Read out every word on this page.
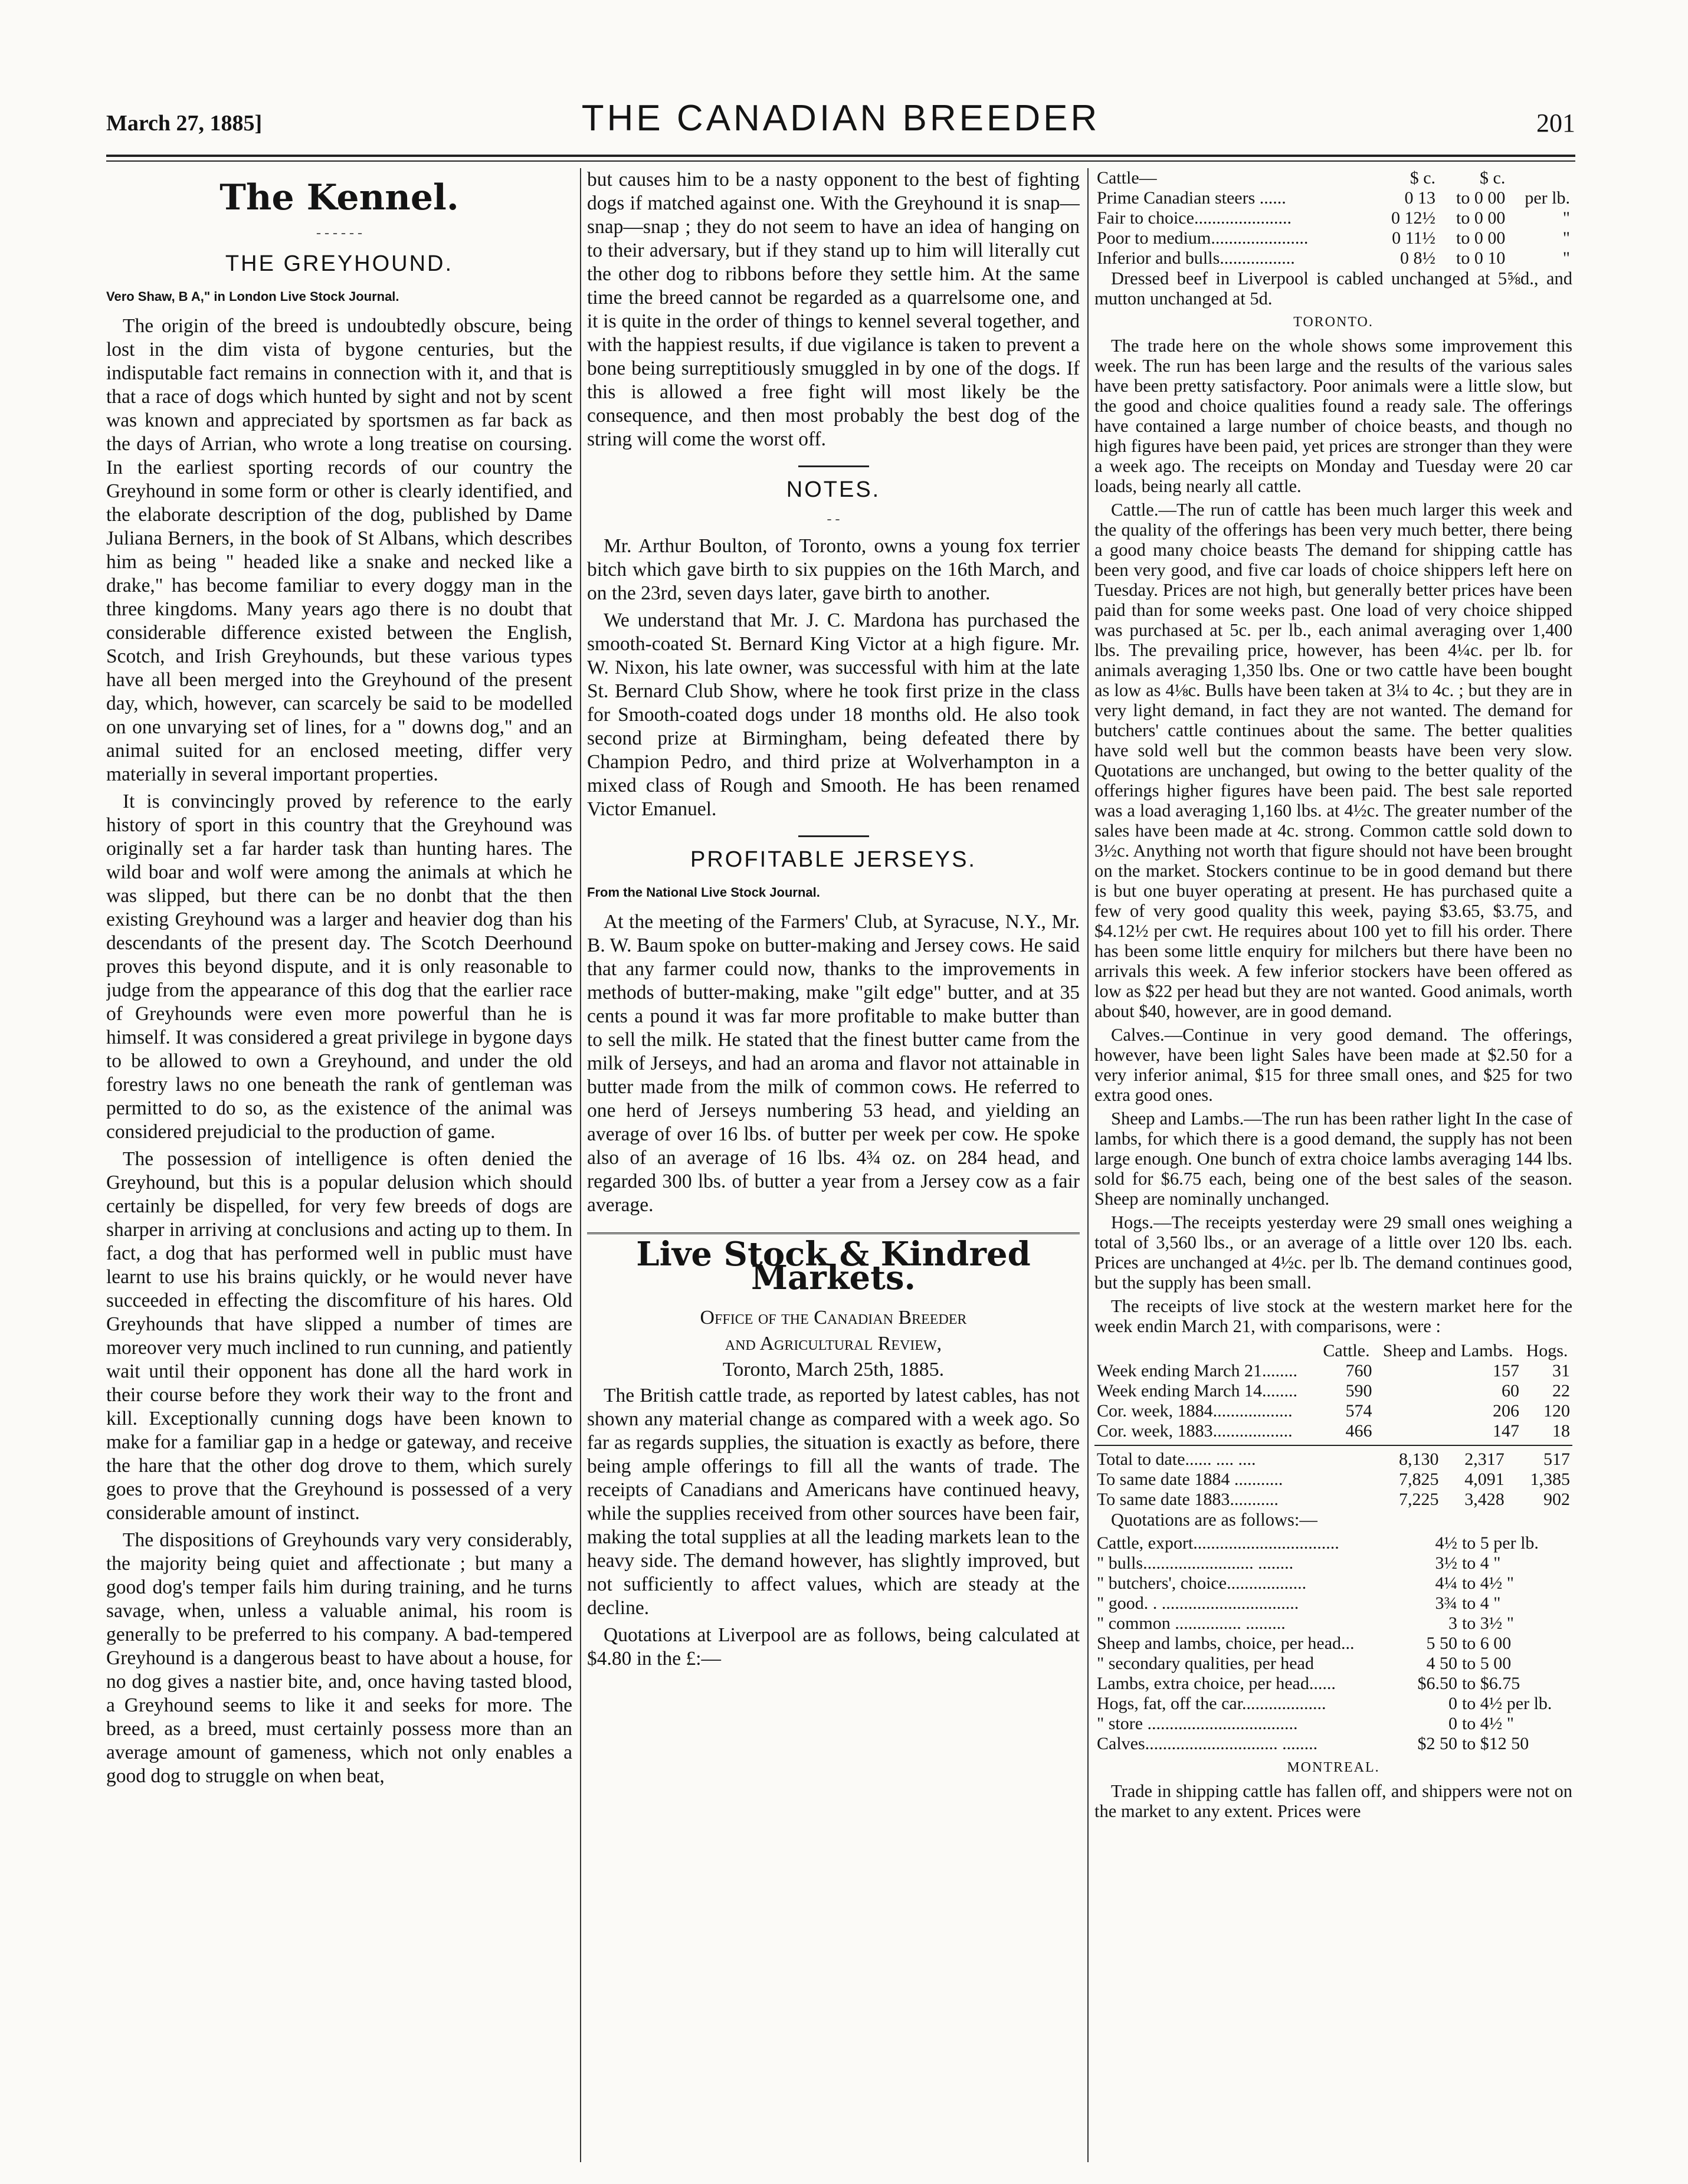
March 27, 1885]	THE CANADIAN BREEDER	201
The Kennel.
- - - - - -
THE GREYHOUND.

Vero Shaw, B A," in London Live Stock Journal.

The origin of the breed is undoubtedly obscure, being lost in the dim vista of bygone centuries, but the indisputable fact remains in connection with it, and that is that a race of dogs which hunted by sight and not by scent was known and appreciated by sportsmen as far back as the days of Arrian, who wrote a long treatise on coursing. In the earliest sporting records of our country the Greyhound in some form or other is clearly identified, and the elaborate description of the dog, published by Dame Juliana Berners, in the book of St Albans, which describes him as being " headed like a snake and necked like a drake," has become familiar to every doggy man in the three kingdoms. Many years ago there is no doubt that considerable difference existed between the English, Scotch, and Irish Greyhounds, but these various types have all been merged into the Greyhound of the present day, which, however, can scarcely be said to be modelled on one unvarying set of lines, for a " downs dog," and an animal suited for an enclosed meeting, differ very materially in several important properties.

It is convincingly proved by reference to the early history of sport in this country that the Greyhound was originally set a far harder task than hunting hares. The wild boar and wolf were among the animals at which he was slipped, but there can be no donbt that the then existing Greyhound was a larger and heavier dog than his descendants of the present day. The Scotch Deerhound proves this beyond dispute, and it is only reasonable to judge from the appearance of this dog that the earlier race of Greyhounds were even more powerful than he is himself. It was considered a great privilege in bygone days to be allowed to own a Greyhound, and under the old forestry laws no one beneath the rank of gentleman was permitted to do so, as the existence of the animal was considered prejudicial to the production of game.

The possession of intelligence is often denied the Greyhound, but this is a popular delusion which should certainly be dispelled, for very few breeds of dogs are sharper in arriving at conclusions and acting up to them. In fact, a dog that has performed well in public must have learnt to use his brains quickly, or he would never have succeeded in effecting the discomfiture of his hares. Old Greyhounds that have slipped a number of times are moreover very much inclined to run cunning, and patiently wait until their opponent has done all the hard work in their course before they work their way to the front and kill. Exceptionally cunning dogs have been known to make for a familiar gap in a hedge or gateway, and receive the hare that the other dog drove to them, which surely goes to prove that the Greyhound is possessed of a very considerable amount of instinct.

The dispositions of Greyhounds vary very considerably, the majority being quiet and affectionate ; but many a good dog's temper fails him during training, and he turns savage, when, unless a valuable animal, his room is generally to be preferred to his company. A bad-tempered Greyhound is a dangerous beast to have about a house, for no dog gives a nastier bite, and, once having tasted blood, a Greyhound seems to like it and seeks for more. The breed, as a breed, must certainly possess more than an average amount of gameness, which not only enables a good dog to struggle on when beat,

but causes him to be a nasty opponent to the best of fighting dogs if matched against one. With the Greyhound it is snap—snap—snap ; they do not seem to have an idea of hanging on to their adversary, but if they stand up to him will literally cut the other dog to ribbons before they settle him. At the same time the breed cannot be regarded as a quarrelsome one, and it is quite in the order of things to kennel several together, and with the happiest results, if due vigilance is taken to prevent a bone being surreptitiously smuggled in by one of the dogs. If this is allowed a free fight will most likely be the consequence, and then most probably the best dog of the string will come the worst off.

NOTES.
- -

Mr. Arthur Boulton, of Toronto, owns a young fox terrier bitch which gave birth to six puppies on the 16th March, and on the 23rd, seven days later, gave birth to another.

We understand that Mr. J. C. Mardona has purchased the smooth-coated St. Bernard King Victor at a high figure. Mr. W. Nixon, his late owner, was successful with him at the late St. Bernard Club Show, where he took first prize in the class for Smooth-coated dogs under 18 months old. He also took second prize at Birmingham, being defeated there by Champion Pedro, and third prize at Wolverhampton in a mixed class of Rough and Smooth. He has been renamed Victor Emanuel.

PROFITABLE JERSEYS.

From the National Live Stock Journal.

At the meeting of the Farmers' Club, at Syracuse, N.Y., Mr. B. W. Baum spoke on butter-making and Jersey cows. He said that any farmer could now, thanks to the improvements in methods of butter-making, make "gilt edge" butter, and at 35 cents a pound it was far more profitable to make butter than to sell the milk. He stated that the finest butter came from the milk of Jerseys, and had an aroma and flavor not attainable in butter made from the milk of common cows. He referred to one herd of Jerseys numbering 53 head, and yielding an average of over 16 lbs. of butter per week per cow. He spoke also of an average of 16 lbs. 4¾ oz. on 284 head, and regarded 300 lbs. of butter a year from a Jersey cow as a fair average.

Live Stock & Kindred Markets.

Office of the Canadian Breeder

and Agricultural Review,

Toronto, March 25th, 1885.

The British cattle trade, as reported by latest cables, has not shown any material change as compared with a week ago. So far as regards supplies, the situation is exactly as before, there being ample offerings to fill all the wants of trade. The receipts of Canadians and Americans have continued heavy, while the supplies received from other sources have been fair, making the total supplies at all the leading markets lean to the heavy side. The demand however, has slightly improved, but not sufficiently to affect values, which are steady at the decline.

Quotations at Liverpool are as follows, being calculated at $4.80 in the £:—

Cattle—	$ c.	$ c.	
Prime Canadian steers ......	0 13	to 0 00	per lb.
Fair to choice......................	0 12½	to 0 00	"
Poor to medium......................	0 11½	to 0 00	"
Inferior and bulls.................	0 8½	to 0 10	"

Dressed beef in Liverpool is cabled unchanged at 5⅝d., and mutton unchanged at 5d.

TORONTO.

The trade here on the whole shows some improvement this week. The run has been large and the results of the various sales have been pretty satisfactory. Poor animals were a little slow, but the good and choice qualities found a ready sale. The offerings have contained a large number of choice beasts, and though no high figures have been paid, yet prices are stronger than they were a week ago. The receipts on Monday and Tuesday were 20 car loads, being nearly all cattle.

Cattle.—The run of cattle has been much larger this week and the quality of the offerings has been very much better, there being a good many choice beasts The demand for shipping cattle has been very good, and five car loads of choice shippers left here on Tuesday. Prices are not high, but generally better prices have been paid than for some weeks past. One load of very choice shipped was purchased at 5c. per lb., each animal averaging over 1,400 lbs. The prevailing price, however, has been 4¼c. per lb. for animals averaging 1,350 lbs. One or two cattle have been bought as low as 4⅛c. Bulls have been taken at 3¼ to 4c. ; but they are in very light demand, in fact they are not wanted. The demand for butchers' cattle continues about the same. The better qualities have sold well but the common beasts have been very slow. Quotations are unchanged, but owing to the better quality of the offerings higher figures have been paid. The best sale reported was a load averaging 1,160 lbs. at 4½c. The greater number of the sales have been made at 4c. strong. Common cattle sold down to 3½c. Anything not worth that figure should not have been brought on the market. Stockers continue to be in good demand but there is but one buyer operating at present. He has purchased quite a few of very good quality this week, paying $3.65, $3.75, and $4.12½ per cwt. He requires about 100 yet to fill his order. There has been some little enquiry for milchers but there have been no arrivals this week. A few inferior stockers have been offered as low as $22 per head but they are not wanted. Good animals, worth about $40, however, are in good demand.

Calves.—Continue in very good demand. The offerings, however, have been light Sales have been made at $2.50 for a very inferior animal, $15 for three small ones, and $25 for two extra good ones.

Sheep and Lambs.—The run has been rather light In the case of lambs, for which there is a good demand, the supply has not been large enough. One bunch of extra choice lambs averaging 144 lbs. sold for $6.75 each, being one of the best sales of the season. Sheep are nominally unchanged.

Hogs.—The receipts yesterday were 29 small ones weighing a total of 3,560 lbs., or an average of a little over 120 lbs. each. Prices are unchanged at 4½c. per lb. The demand continues good, but the supply has been small.

The receipts of live stock at the western market here for the week endin March 21, with comparisons, were :

	Cattle.	Sheep and Lambs.	Hogs.
Week ending March 21........	760	157	31
Week ending March 14........	590	60	22
Cor. week, 1884..................	574	206	120
Cor. week, 1883..................	466	147	18
Total to date...... .... ....	8,130	2,317	517
To same date 1884 ...........	7,825	4,091	1,385
To same date 1883...........	7,225	3,428	902

Quotations are as follows:—

Cattle, export.................................	4½	to 5 per lb.
" bulls......................... ........	3½	to 4 "
" butchers', choice..................	4¼	to 4½ "
" good. . ...............................	3¾	to 4 "
" common ............... .........	3	to 3½ "
Sheep and lambs, choice, per head...	5 50	to 6 00
" secondary qualities, per head	4 50	to 5 00
Lambs, extra choice, per head......	$6.50	to $6.75
Hogs, fat, off the car...................	0	to 4½ per lb.
" store ..................................	0	to 4½ "
Calves.............................. ........	$2 50	to $12 50

MONTREAL.

Trade in shipping cattle has fallen off, and shippers were not on the market to any extent. Prices were
